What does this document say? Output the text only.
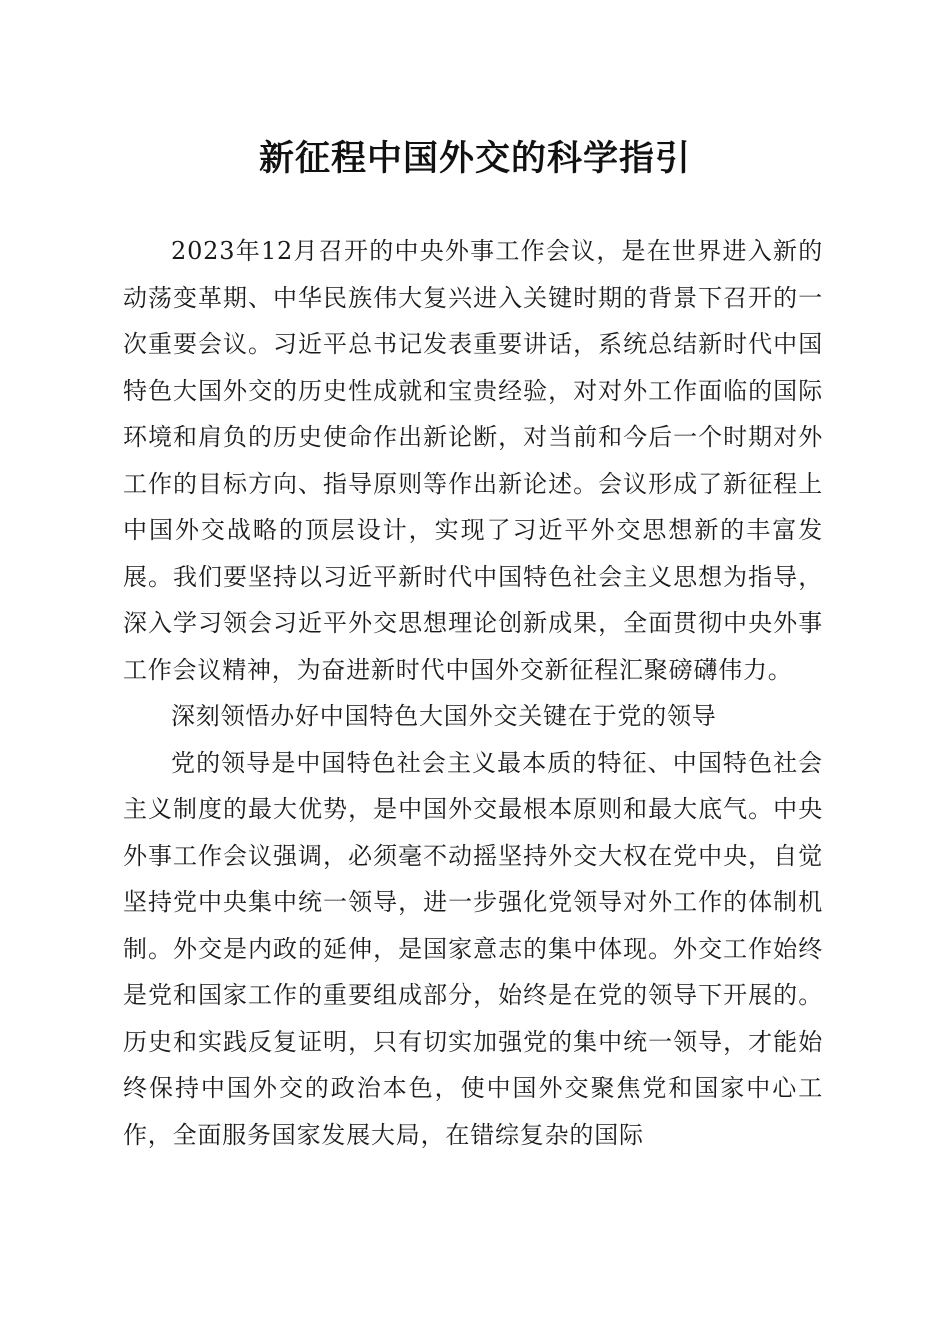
新征程中国外交的科学指引

2023年12月召开的中央外事工作会议，是在世界进入新的动荡变革期、中华民族伟大复兴进入关键时期的背景下召开的一次重要会议。习近平总书记发表重要讲话，系统总结新时代中国特色大国外交的历史性成就和宝贵经验，对对外工作面临的国际环境和肩负的历史使命作出新论断，对当前和今后一个时期对外工作的目标方向、指导原则等作出新论述。会议形成了新征程上中国外交战略的顶层设计，实现了习近平外交思想新的丰富发展。我们要坚持以习近平新时代中国特色社会主义思想为指导，深入学习领会习近平外交思想理论创新成果，全面贯彻中央外事工作会议精神，为奋进新时代中国外交新征程汇聚磅礴伟力。

深刻领悟办好中国特色大国外交关键在于党的领导

党的领导是中国特色社会主义最本质的特征、中国特色社会主义制度的最大优势，是中国外交最根本原则和最大底气。中央外事工作会议强调，必须毫不动摇坚持外交大权在党中央，自觉坚持党中央集中统一领导，进一步强化党领导对外工作的体制机制。外交是内政的延伸，是国家意志的集中体现。外交工作始终是党和国家工作的重要组成部分，始终是在党的领导下开展的。历史和实践反复证明，只有切实加强党的集中统一领导，才能始终保持中国外交的政治本色，使中国外交聚焦党和国家中心工作，全面服务国家发展大局，在错综复杂的国际
